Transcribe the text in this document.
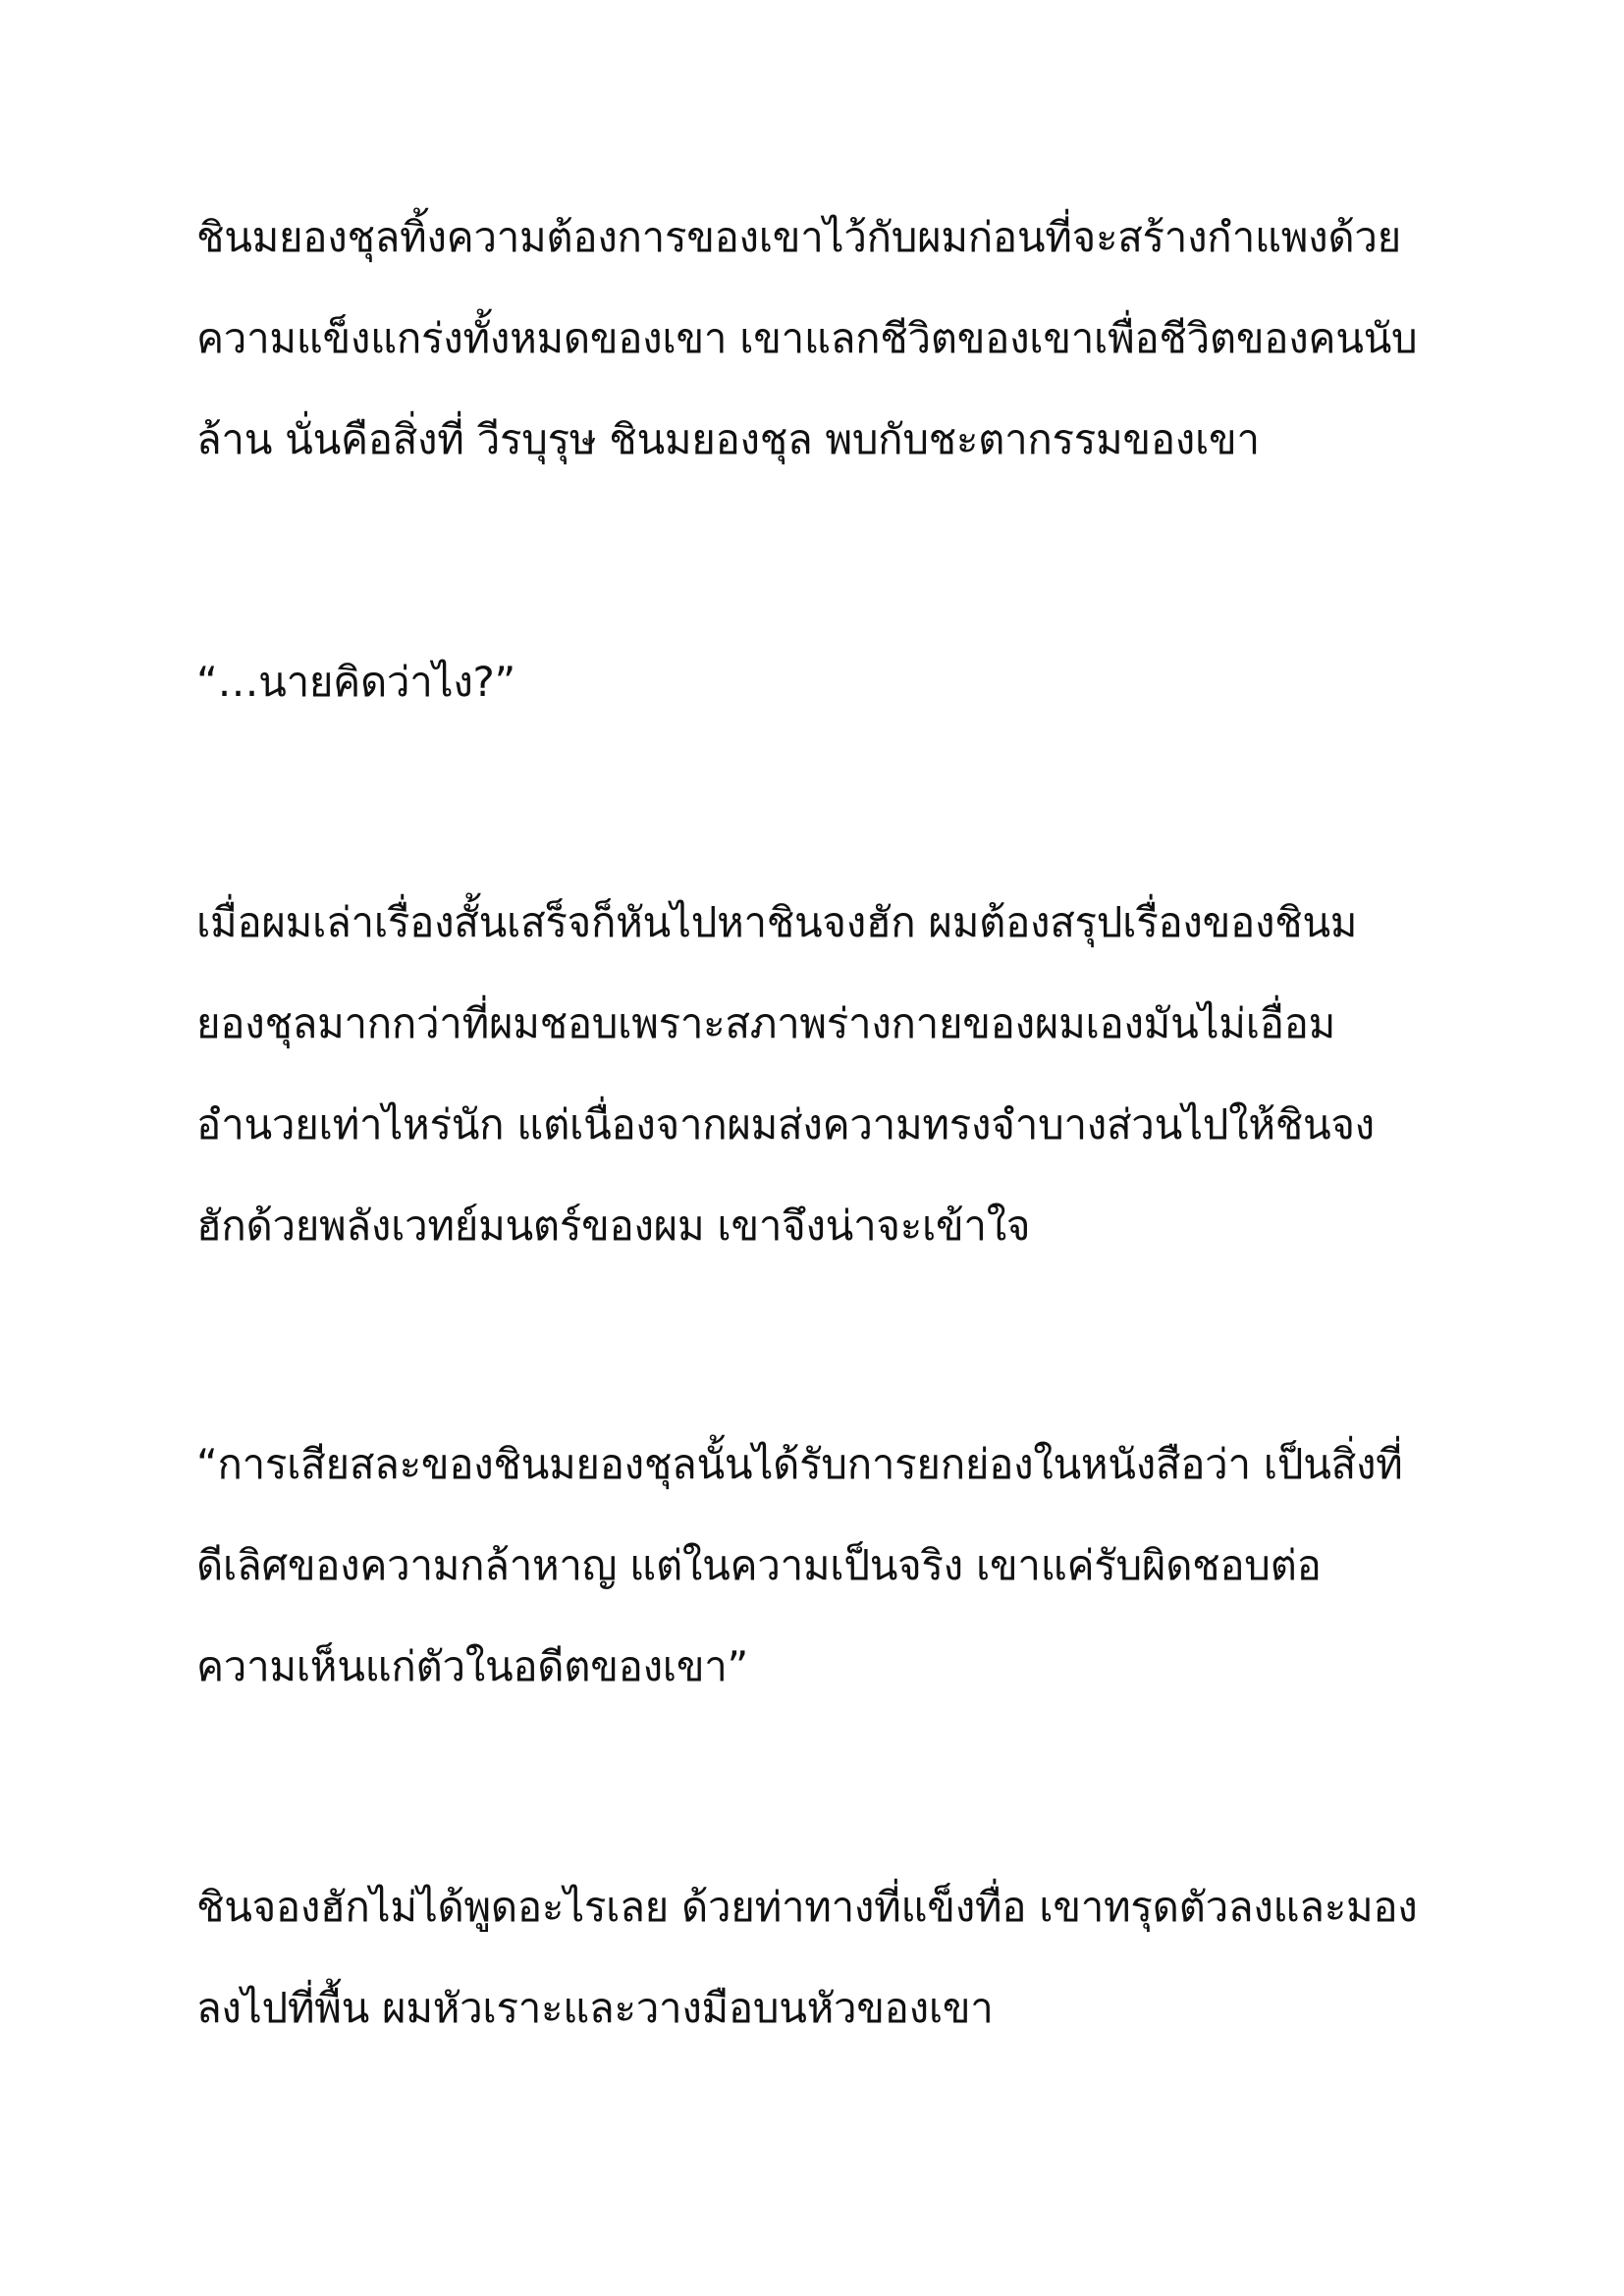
ชินมยองชุลทิ้งความต้องการของเขาไว้กับผมก่อนที่จะสร้างกำแพงด้วย

ความแข็งแกร่งทั้งหมดของเขา เขาแลกชีวิตของเขาเพื่อชีวิตของคนนับ

ล้าน นั่นคือสิ่งที่ วีรบุรุษ ชินมยองชุล พบกับชะตากรรมของเขา

“…นายคิดว่าไง?”

เมื่อผมเล่าเรื่องสั้นเสร็จก็หันไปหาชินจงฮัก ผมต้องสรุปเรื่องของชินม

ยองชุลมากกว่าที่ผมชอบเพราะสภาพร่างกายของผมเองมันไม่เอื่อม

อำนวยเท่าไหร่นัก แต่เนื่องจากผมส่งความทรงจำบางส่วนไปให้ชินจง

ฮักด้วยพลังเวทย์มนตร์ของผม เขาจึงน่าจะเข้าใจ

“การเสียสละของชินมยองชุลนั้นได้รับการยกย่องในหนังสือว่า เป็นสิ่งที่

ดีเลิศของความกล้าหาญ แต่ในความเป็นจริง เขาแค่รับผิดชอบต่อ

ความเห็นแก่ตัวในอดีตของเขา”

ชินจองฮักไม่ได้พูดอะไรเลย ด้วยท่าทางที่แข็งทื่อ เขาทรุดตัวลงและมอง

ลงไปที่พื้น ผมหัวเราะและวางมือบนหัวของเขา
